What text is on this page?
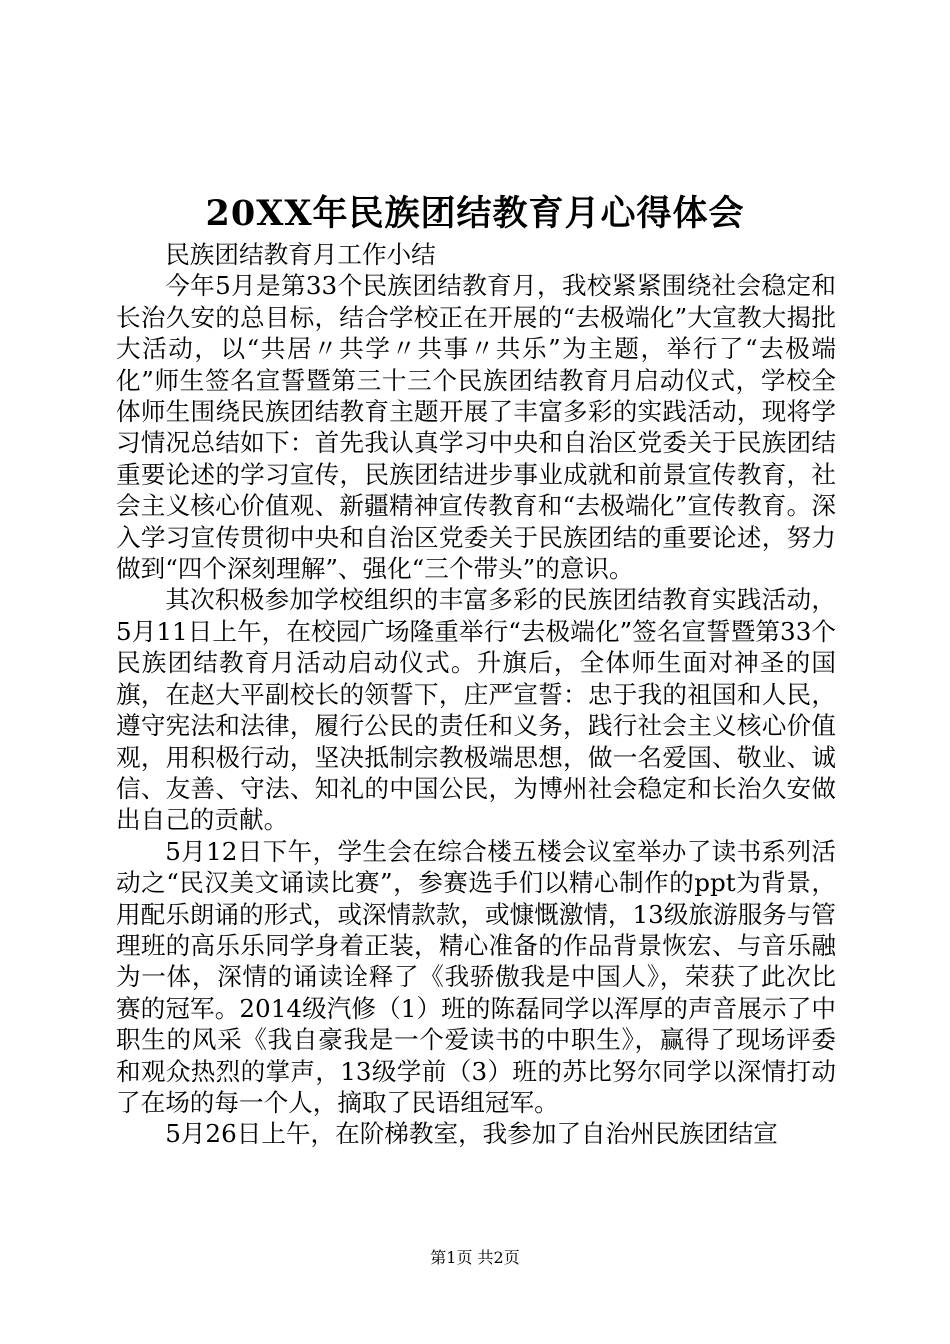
20XX年民族团结教育月心得体会

民族团结教育月工作小结

今年5月是第33个民族团结教育月，我校紧紧围绕社会稳定和长治久安的总目标，结合学校正在开展的“去极端化”大宣教大揭批大活动，以“共居〃共学〃共事〃共乐”为主题，举行了“去极端化”师生签名宣誓暨第三十三个民族团结教育月启动仪式，学校全体师生围绕民族团结教育主题开展了丰富多彩的实践活动，现将学习情况总结如下：首先我认真学习中央和自治区党委关于民族团结重要论述的学习宣传，民族团结进步事业成就和前景宣传教育，社会主义核心价值观、新疆精神宣传教育和“去极端化”宣传教育。深入学习宣传贯彻中央和自治区党委关于民族团结的重要论述，努力做到“四个深刻理解”、强化“三个带头”的意识。

其次积极参加学校组织的丰富多彩的民族团结教育实践活动，5月11日上午，在校园广场隆重举行“去极端化”签名宣誓暨第33个民族团结教育月活动启动仪式。升旗后，全体师生面对神圣的国旗，在赵大平副校长的领誓下，庄严宣誓：忠于我的祖国和人民，遵守宪法和法律，履行公民的责任和义务，践行社会主义核心价值观，用积极行动，坚决抵制宗教极端思想，做一名爱国、敬业、诚信、友善、守法、知礼的中国公民，为博州社会稳定和长治久安做出自己的贡献。

5月12日下午，学生会在综合楼五楼会议室举办了读书系列活动之“民汉美文诵读比赛”，参赛选手们以精心制作的ppt为背景，用配乐朗诵的形式，或深情款款，或慷慨激情，13级旅游服务与管理班的高乐乐同学身着正装，精心准备的作品背景恢宏、与音乐融为一体，深情的诵读诠释了《我骄傲我是中国人》，荣获了此次比赛的冠军。2014级汽修（1）班的陈磊同学以浑厚的声音展示了中职生的风采《我自豪我是一个爱读书的中职生》，赢得了现场评委和观众热烈的掌声，13级学前（3）班的苏比努尔同学以深情打动了在场的每一个人，摘取了民语组冠军。

5月26日上午，在阶梯教室，我参加了自治州民族团结宣

第1页 共2页
